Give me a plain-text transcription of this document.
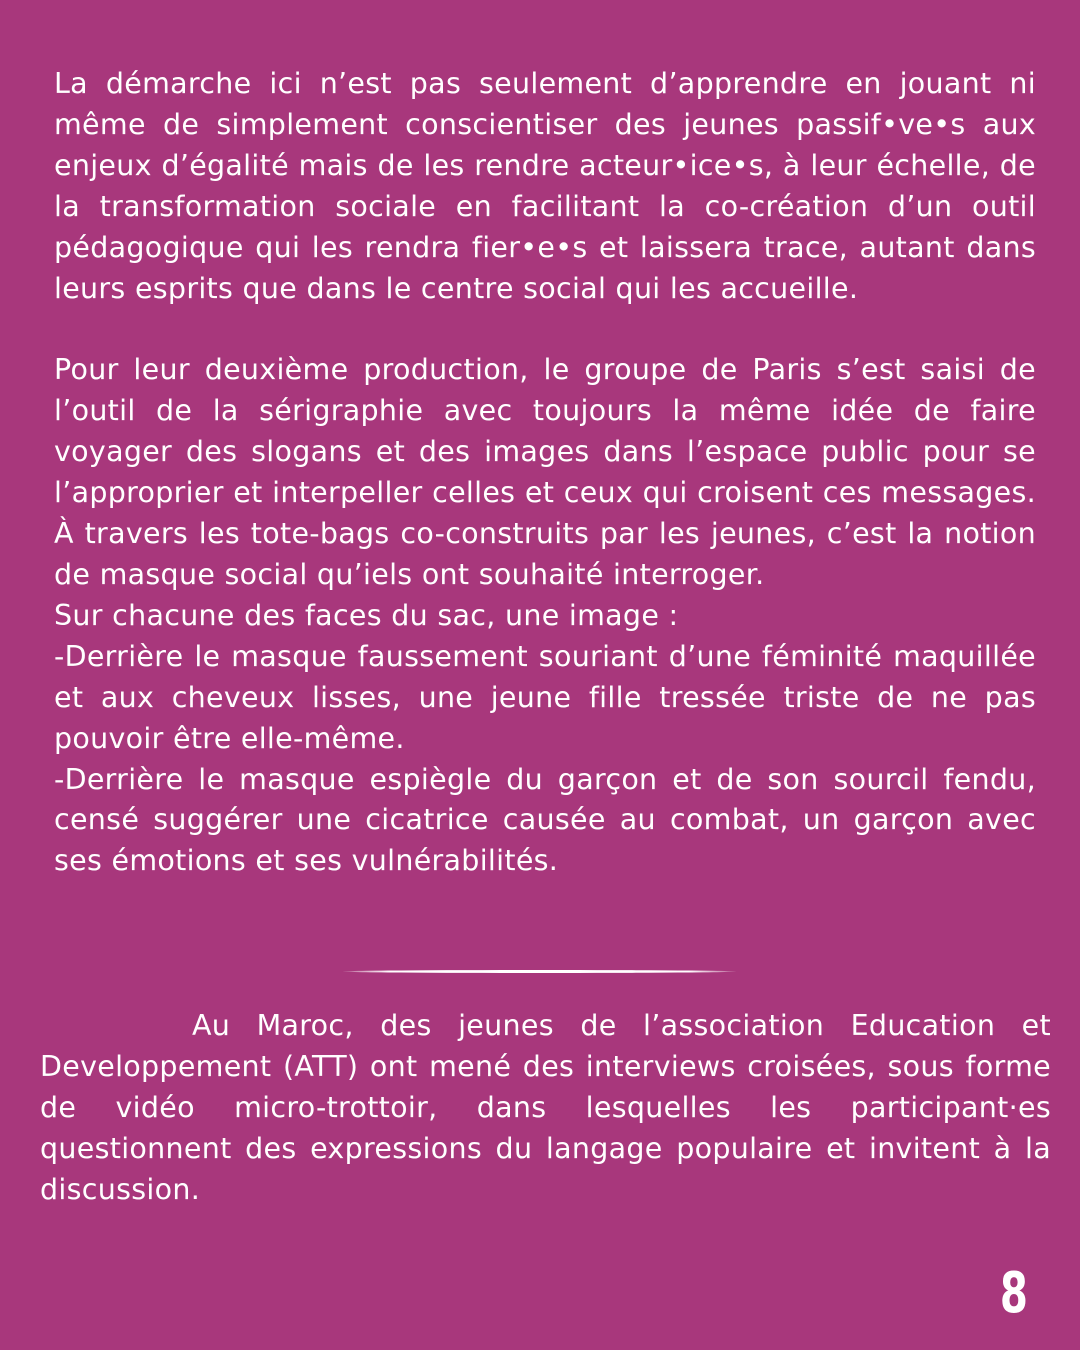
La démarche ici n’est pas seulement d’apprendre en jouant ni même de simplement conscientiser des jeunes passif•ve•s aux enjeux d’égalité mais de les rendre acteur•ice•s, à leur échelle, de la transformation sociale en facilitant la co-création d’un outil pédagogique qui les rendra fier•e•s et laissera trace, autant dans leurs esprits que dans le centre social qui les accueille.

Pour leur deuxième production, le groupe de Paris s’est saisi de l’outil de la sérigraphie avec toujours la même idée de faire voyager des slogans et des images dans l’espace public pour se l’approprier et interpeller celles et ceux qui croisent ces messages. À travers les tote-bags co-construits par les jeunes, c’est la notion de masque social qu’iels ont souhaité interroger.

Sur chacune des faces du sac, une image :

-Derrière le masque faussement souriant d’une féminité maquillée et aux cheveux lisses, une jeune fille tressée triste de ne pas pouvoir être elle-même.

-Derrière le masque espiègle du garçon et de son sourcil fendu, censé suggérer une cicatrice causée au combat, un garçon avec ses émotions et ses vulnérabilités.

Au Maroc, des jeunes de l’association Education et Developpement (ATT) ont mené des interviews croisées, sous forme de vidéo micro-trottoir, dans lesquelles les participant·es questionnent des expressions du langage populaire et invitent à la discussion.

8
